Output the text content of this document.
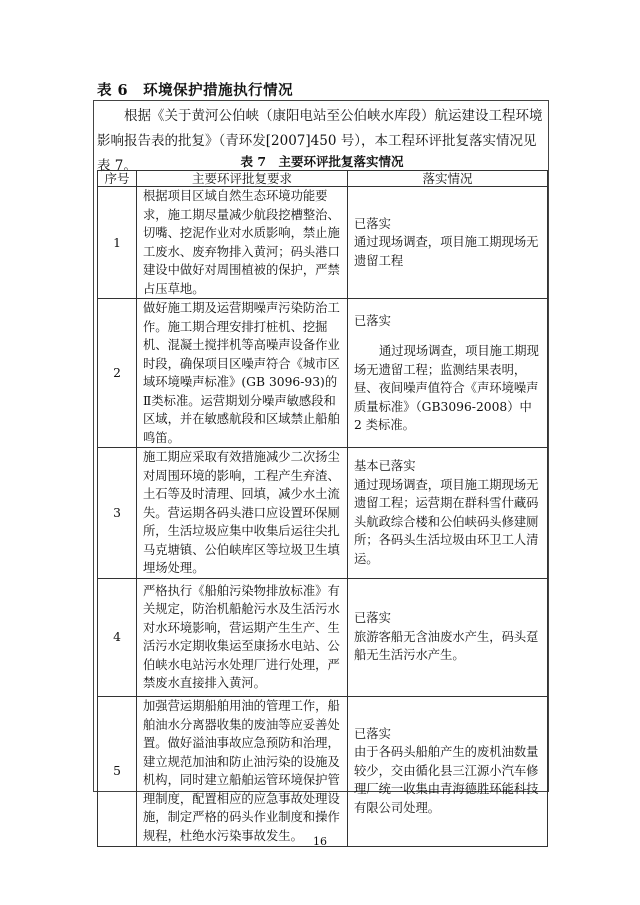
表 6　环境保护措施执行情况
根据《关于黄河公伯峡（康阳电站至公伯峡水库段）航运建设工程环境影响报告表的批复》（青环发[2007]450 号），本工程环评批复落实情况见表 7。	表 7　主要环评批复落实情况
序号	主要环评批复要求	落实情况
1	根据项目区域自然生态环境功能要求，施工期尽量减少航段挖槽整治、切嘴、挖泥作业对水质影响，禁止施工废水、废弃物排入黄河；码头港口建设中做好对周围植被的保护，严禁占压草地。	已落实
通过现场调查，项目施工期现场无遗留工程
2	做好施工期及运营期噪声污染防治工作。施工期合理安排打桩机、挖掘机、混凝土搅拌机等高噪声设备作业时段，确保项目区噪声符合《城市区域环境噪声标准》(GB 3096-93)的Ⅱ类标准。运营期划分噪声敏感段和区域，并在敏感航段和区域禁止船舶鸣笛。	已落实
通过现场调查，项目施工期现场无遗留工程；监测结果表明，昼、夜间噪声值符合《声环境噪声质量标准》（GB3096-2008）中 2 类标准。

3	施工期应采取有效措施减少二次扬尘对周围环境的影响，工程产生弃渣、土石等及时清理、回填，减少水土流失。营运期各码头港口应设置环保厕所，生活垃圾应集中收集后运往尖扎马克塘镇、公伯峡库区等垃圾卫生填埋场处理。	基本已落实
通过现场调查，项目施工期现场无遗留工程；运营期在群科雪什藏码头航政综合楼和公伯峡码头修建厕所；各码头生活垃圾由环卫工人清运。
4	严格执行《船舶污染物排放标准》有关规定，防治机船舱污水及生活污水对水环境影响，营运期产生生产、生活污水定期收集运至康扬水电站、公伯峡水电站污水处理厂进行处理，严禁废水直接排入黄河。	已落实
旅游客船无含油废水产生，码头趸船无生活污水产生。
5	加强营运期船舶用油的管理工作，船舶油水分离器收集的废油等应妥善处置。做好溢油事故应急预防和治理，建立规范加油和防止油污染的设施及机构，同时建立船舶运管环境保护管理制度，配置相应的应急事故处理设施，制定严格的码头作业制度和操作规程，杜绝水污染事故发生。	已落实
由于各码头船舶产生的废机油数量较少，交由循化县三江源小汽车修理厂统一收集由青海德胜环能科技有限公司处理。
16
